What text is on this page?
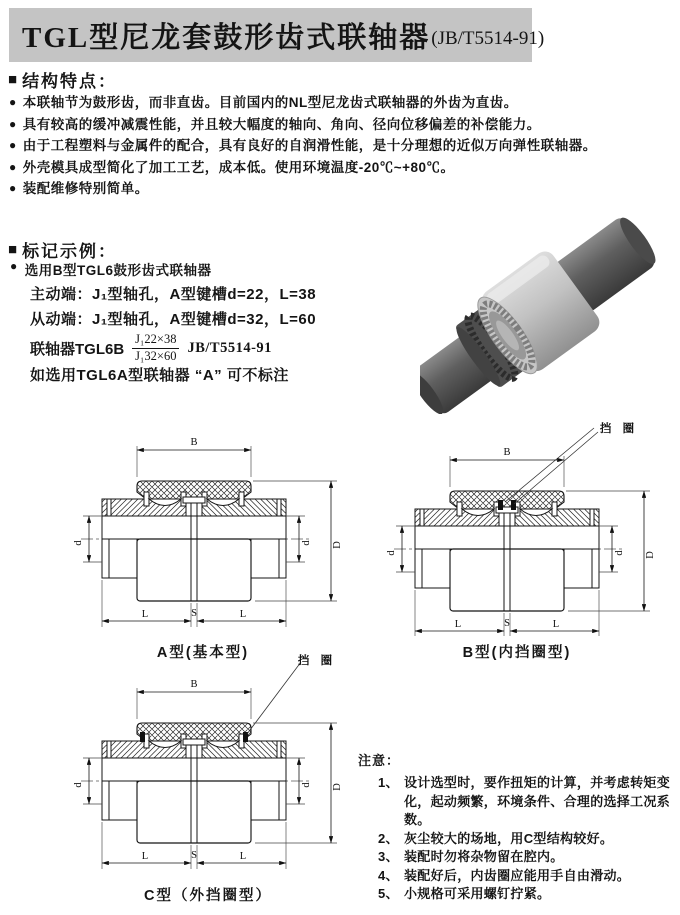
TGL型尼龙套鼓形齿式联轴器 (JB/T5514-91)
■ 结构特点：
● 本联轴节为鼓形齿，而非直齿。目前国内的NL型尼龙齿式联轴器的外齿为直齿。
● 具有较高的缓冲减震性能，并且较大幅度的轴向、角向、径向位移偏差的补偿能力。
● 由于工程塑料与金属件的配合，具有良好的自润滑性能，是十分理想的近似万向弹性联轴器。
● 外壳模具成型简化了加工工艺，成本低。使用环境温度-20℃~+80℃。
● 装配维修特别简单。
■ 标记示例：
● 选用B型TGL6鼓形齿式联轴器
主动端：J₁型轴孔，A型键槽d=22，L=38
从动端：J₁型轴孔，A型键槽d=32，L=60
联轴器$TGL6B \frac{\text{J₁22×38}}{\text{J₁32×60}} JB/T5514-91$
如选用TGL6A型联轴器 “A” 可不标注
B
D
d	d
L	S	L
A型(基本型)
挡 圈
B
D
d	d
L	S	L
B型(内挡圈型)
挡 圈
B
D
d	d
L	S	L
C型（外挡圈型）
注意：
1、 设计选型时，要作扭矩的计算，并考虑转矩变化，起动频繁，环境条件、合理的选择工况系数。
2、 灰尘较大的场地，用C型结构较好。
3、 装配时勿将杂物留在腔内。
4、 装配好后，内齿圈应能用手自由滑动。
5、 小规格可采用螺钉拧紧。
